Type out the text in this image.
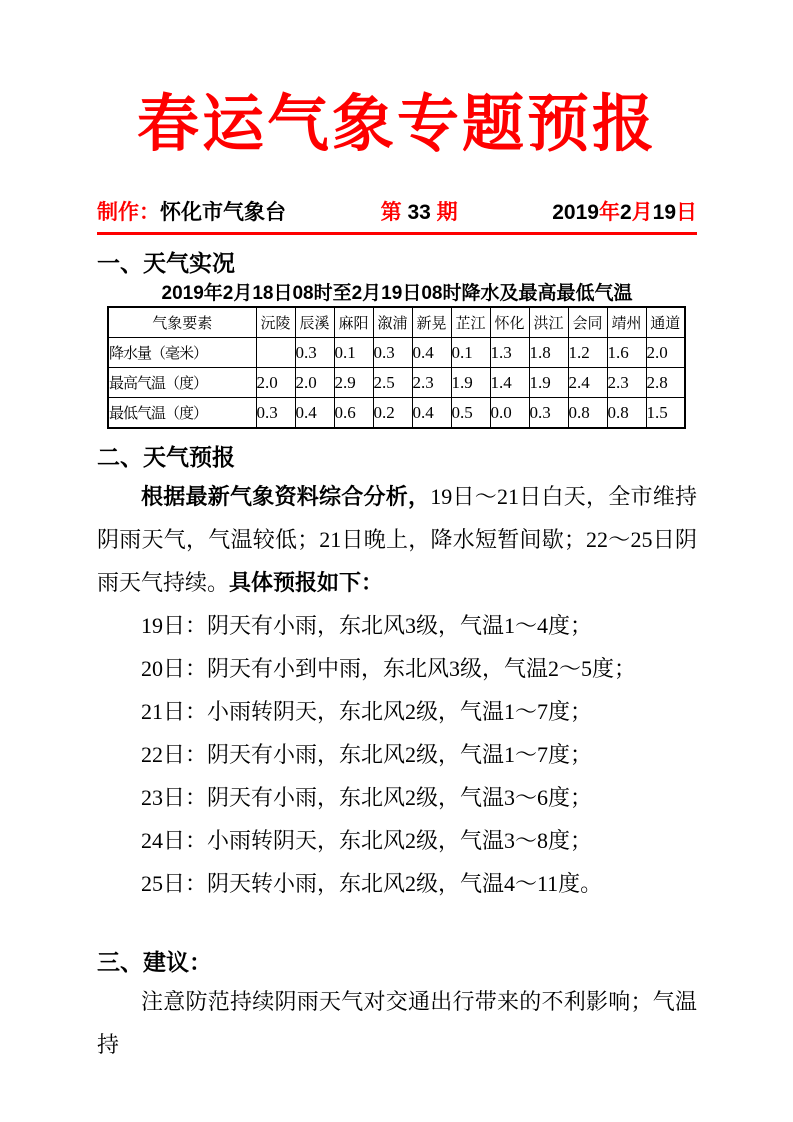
春运气象专题预报
制作：怀化市气象台	第 33 期	2019年2月19日
一、天气实况
2019年2月18日08时至2月19日08时降水及最高最低气温
气象要素	沅陵	辰溪	麻阳	溆浦	新晃	芷江	怀化	洪江	会同	靖州	通道
降水量（毫米）		0.3	0.1	0.3	0.4	0.1	1.3	1.8	1.2	1.6	2.0
最高气温（度）	2.0	2.0	2.9	2.5	2.3	1.9	1.4	1.9	2.4	2.3	2.8
最低气温（度）	0.3	0.4	0.6	0.2	0.4	0.5	0.0	0.3	0.8	0.8	1.5
二、天气预报

根据最新气象资料综合分析，19日～21日白天，全市维持阴雨天气，气温较低；21日晚上，降水短暂间歇；22～25日阴雨天气持续。具体预报如下：

19日：阴天有小雨，东北风3级，气温1～4度；

20日：阴天有小到中雨，东北风3级，气温2～5度；

21日：小雨转阴天，东北风2级，气温1～7度；

22日：阴天有小雨，东北风2级，气温1～7度；

23日：阴天有小雨，东北风2级，气温3～6度；

24日：小雨转阴天，东北风2级，气温3～8度；

25日：阴天转小雨，东北风2级，气温4～11度。

三、建议：

注意防范持续阴雨天气对交通出行带来的不利影响；气温持
